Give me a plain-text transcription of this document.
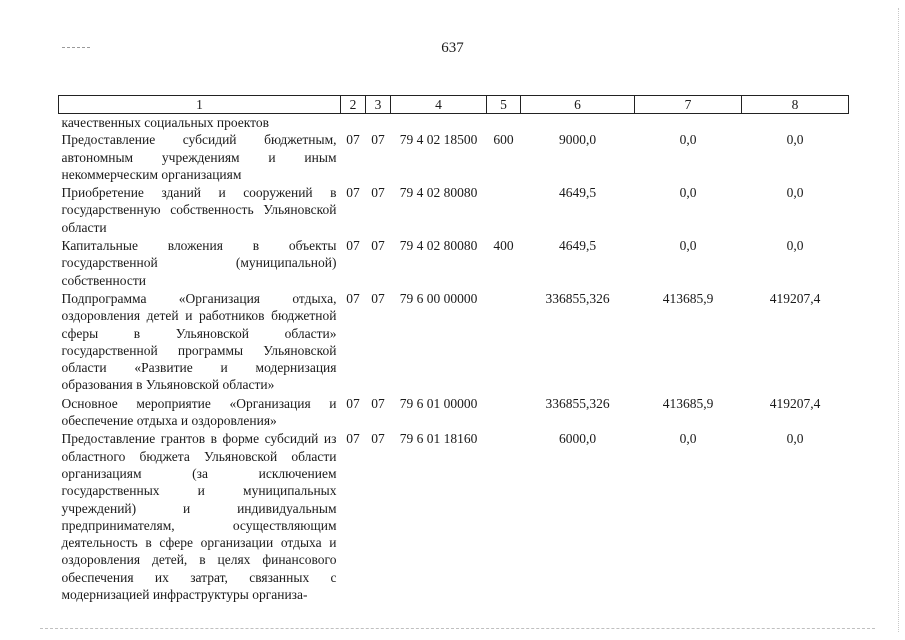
637
1	2	3	4	5	6	7	8
качественных социальных проектов							
Предоставление субсидий бюджетным, автономным учреждениям и иным некоммерческим организациям	07	07	79 4 02 18500	600	9000,0	0,0	0,0
Приобретение зданий и сооружений в государственную собственность Ульяновской области	07	07	79 4 02 80080		4649,5	0,0	0,0
Капитальные вложения в объекты государственной (муниципальной) собственности	07	07	79 4 02 80080	400	4649,5	0,0	0,0
Подпрограмма «Организация отдыха, оздоровления детей и работников бюджетной сферы в Ульяновской области» государственной программы Ульяновской области «Развитие и модернизация образования в Ульяновской области»	07	07	79 6 00 00000		336855,326	413685,9	419207,4
Основное мероприятие «Организация и обеспечение отдыха и оздоровления»	07	07	79 6 01 00000		336855,326	413685,9	419207,4
Предоставление грантов в форме субсидий из областного бюджета Ульяновской области организациям (за исключением государственных и муниципальных учреждений) и индивидуальным предпринимателям, осуществляющим деятельность в сфере организации отдыха и оздоровления детей, в целях финансового обеспечения их затрат, связанных с модернизацией инфраструктуры организа-	07	07	79 6 01 18160		6000,0	0,0	0,0
